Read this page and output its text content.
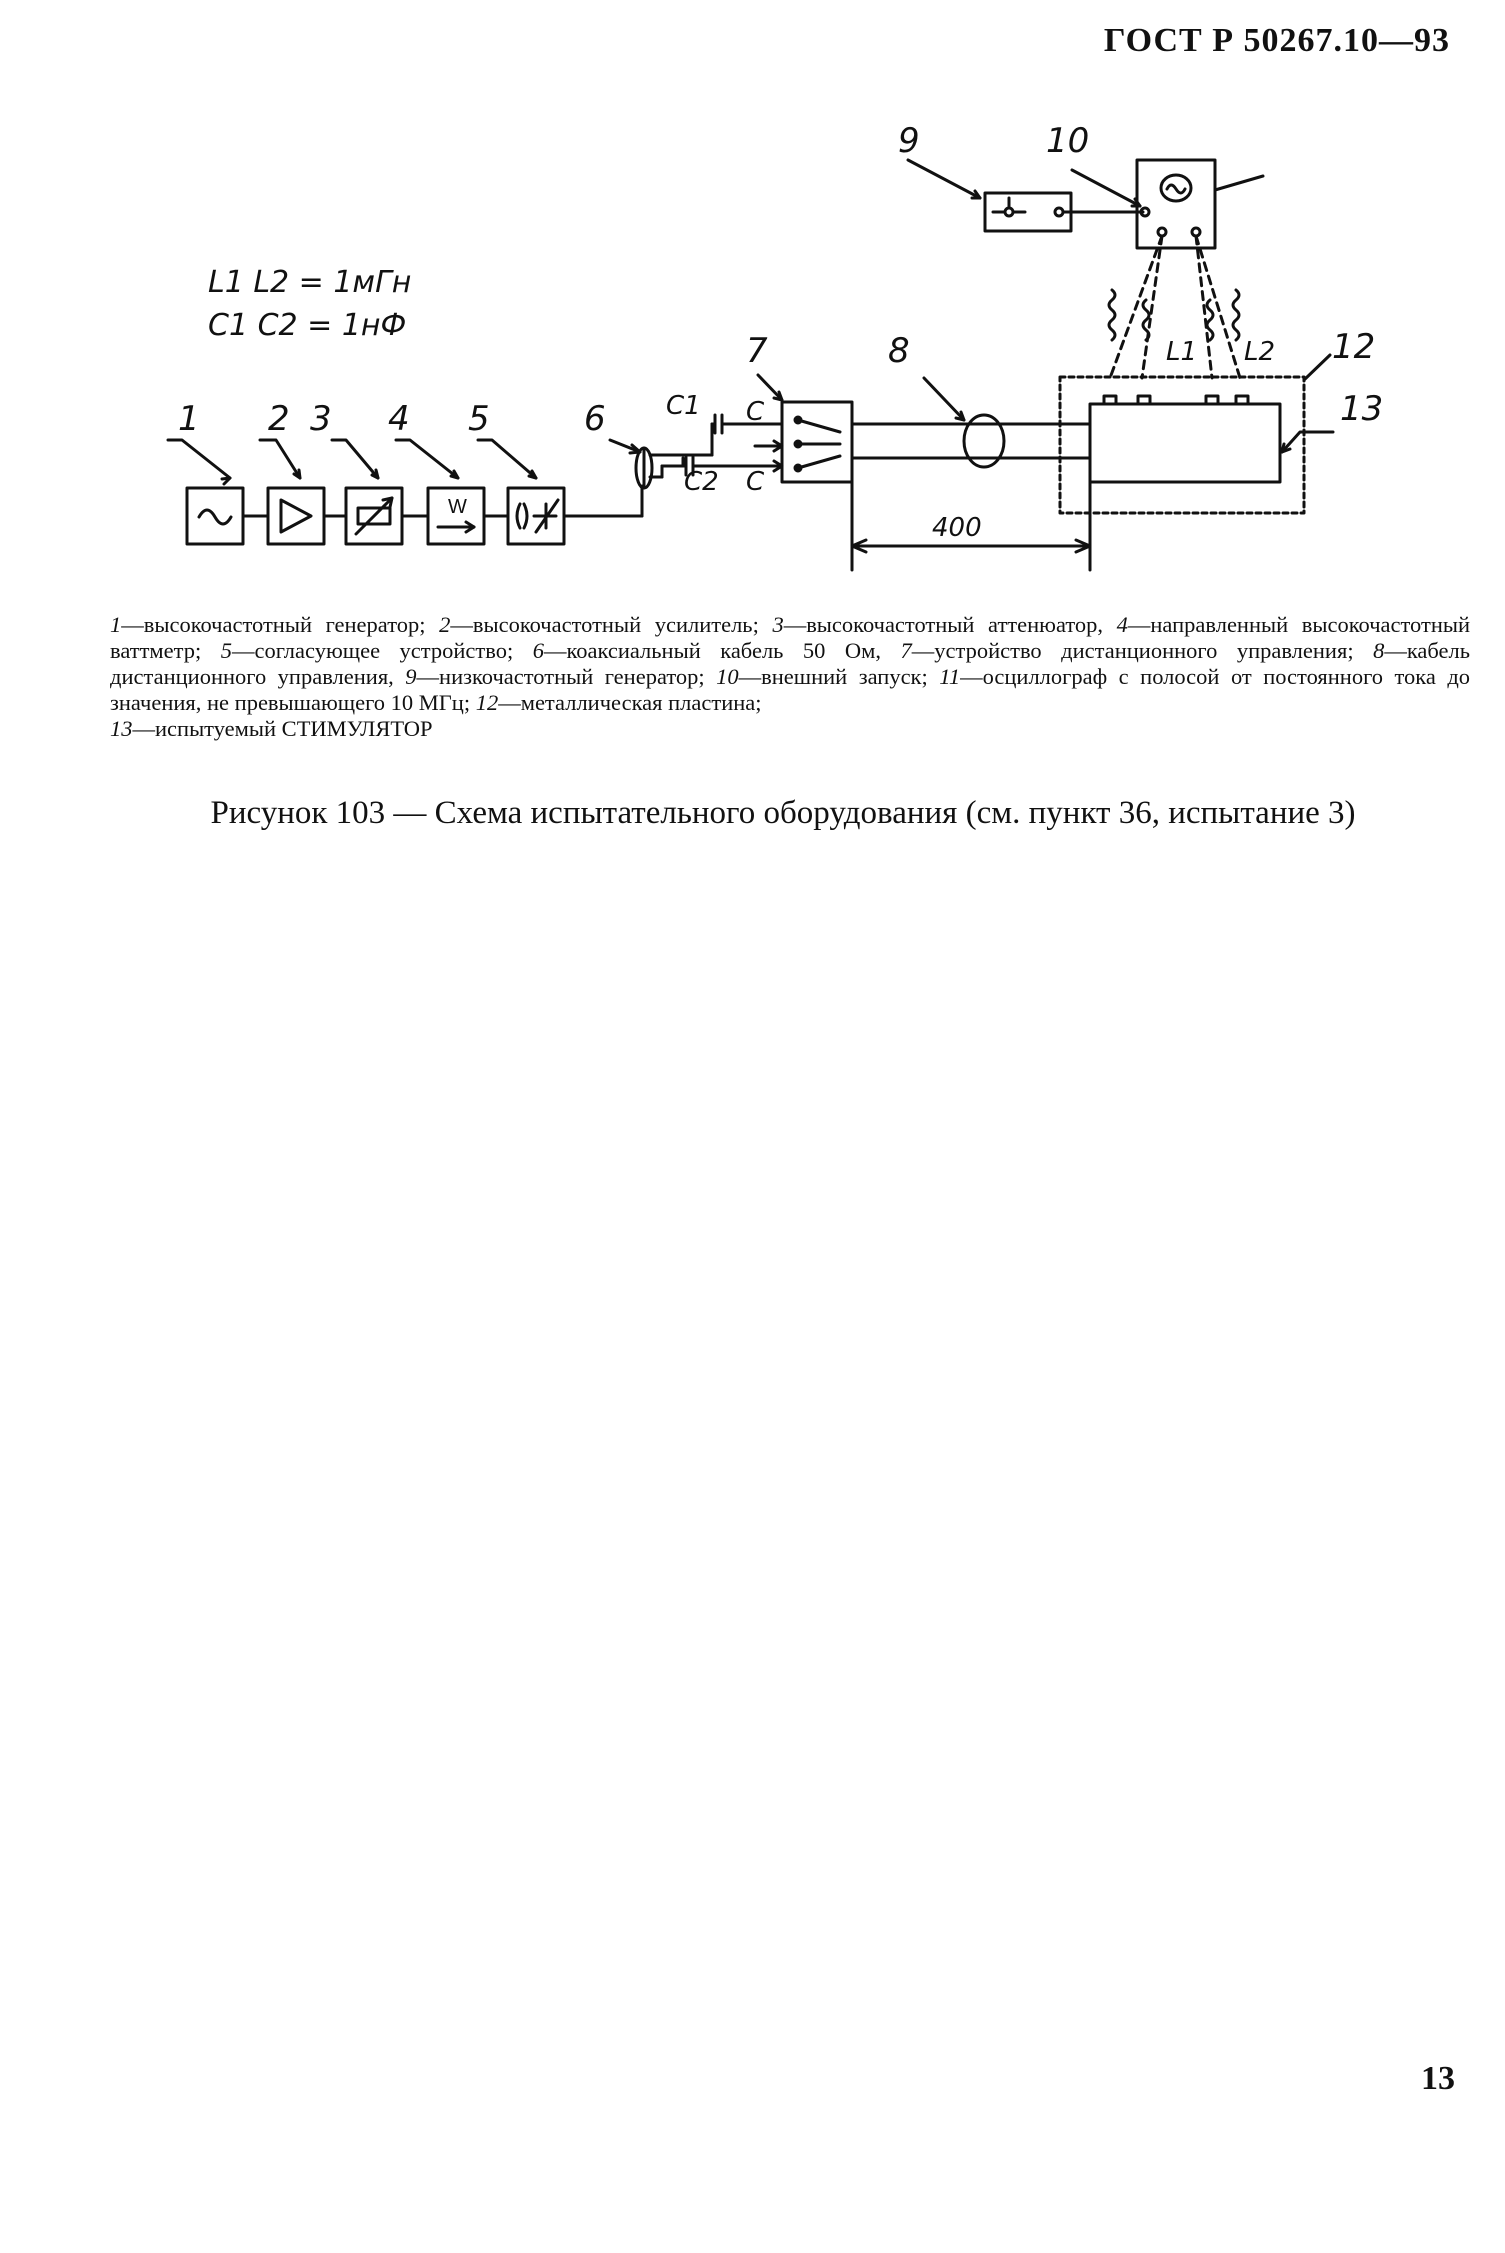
ГОСТ Р 50267.10—93
L1 L2 = 1мГн
C1 C2 = 1нФ
W
1 2 3 4 5	6
7	8
9	10
12
13
C1
C2
C
C
L1 L2
400
1—высокочастотный генератор; 2—высокочастотный усилитель; 3—высокочастотный аттенюатор, 4—направленный высокочастотный ваттметр; 5—согласующее устройство; 6—коаксиальный кабель 50 Ом, 7—устройство дистанционного управления; 8—кабель дистанционного управления, 9—низкочастотный генератор; 10—внешний запуск; 11—осциллограф с полосой от постоянного тока до значения, не превышающего 10 МГц; 12—металлическая пластина;
13—испытуемый СТИМУЛЯТОР
Рисунок 103 — Схема испытательного оборудования (см. пункт 36, испытание 3)
13
